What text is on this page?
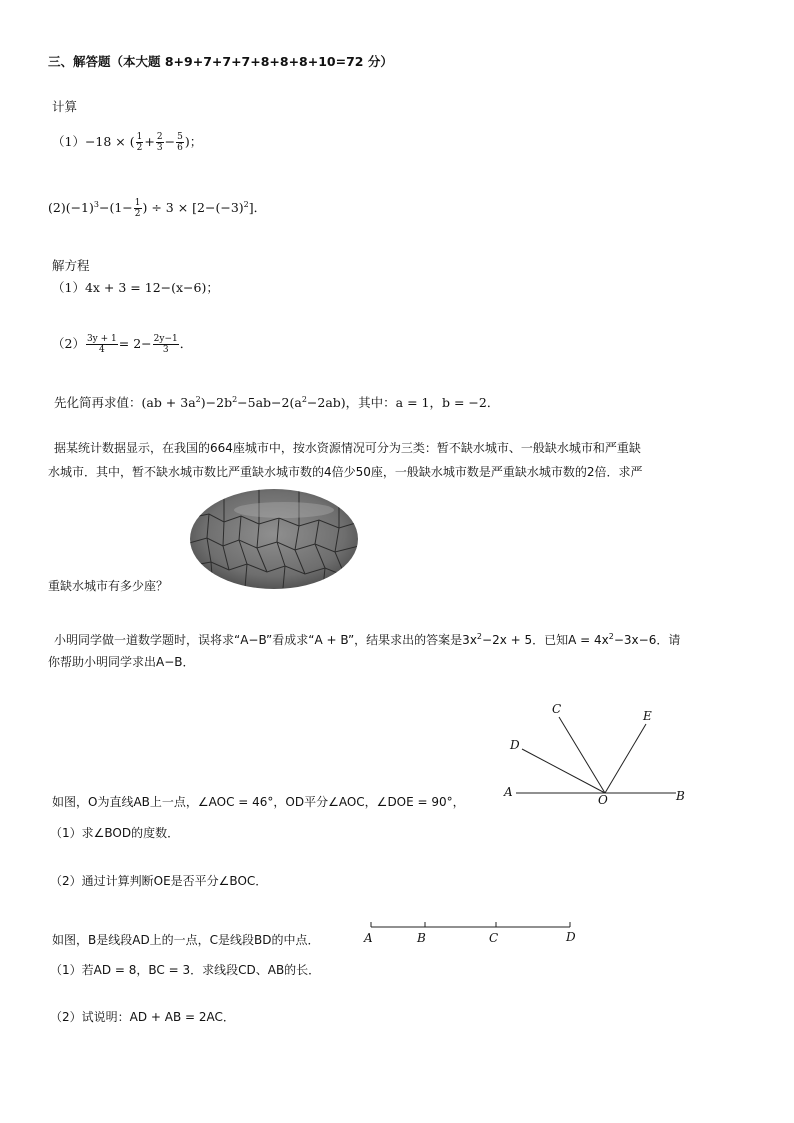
三、解答题（本大题 8+9+7+7+7+8+8+8+10=72 分）
计算
（1）−18 × ( $\frac{1}{2} + \frac{2}{3} - \frac{5}{6}$ )；
$(2)(-1)^3-(1- \frac{1}{2}$ ) ÷ $3 \times [2-(-3)^2]$．
解方程
（1）4x + 3 = 12−(x−6)；
$(2) \frac{3y + 1}{4} = 2- \frac{2y-1}{3}$ ．
先化简再求值：$(ab + 3a^2)-2b^2-5ab-2(a^2-2ab)$，其中：a = 1，b = −2．
据某统计数据显示，在我国的664座城市中，按水资源情况可分为三类：暂不缺水城市、一般缺水城市和严重缺
水城市．其中，暂不缺水城市数比严重缺水城市数的4倍少50座，一般缺水城市数是严重缺水城市数的2倍．求严
重缺水城市有多少座？
小明同学做一道数学题时，误将求“A−B”看成求“A + B”，结果求出的答案是$3x^2-2x + 5$．已知$A = 4x^2-3x-6$．请
你帮助小明同学求出A−B．
C	E
D
A
O	B
如图，O为直线AB上一点，∠AOC = 46°，OD平分∠AOC，∠DOE = 90°，
（1）求∠BOD的度数．
（2）通过计算判断OE是否平分∠BOC．
如图，B是线段AD上的一点，C是线段BD的中点．	A	B	C	D
（1）若AD = 8，BC = 3．求线段CD、AB的长．
（2）试说明：AD + AB = 2AC．
